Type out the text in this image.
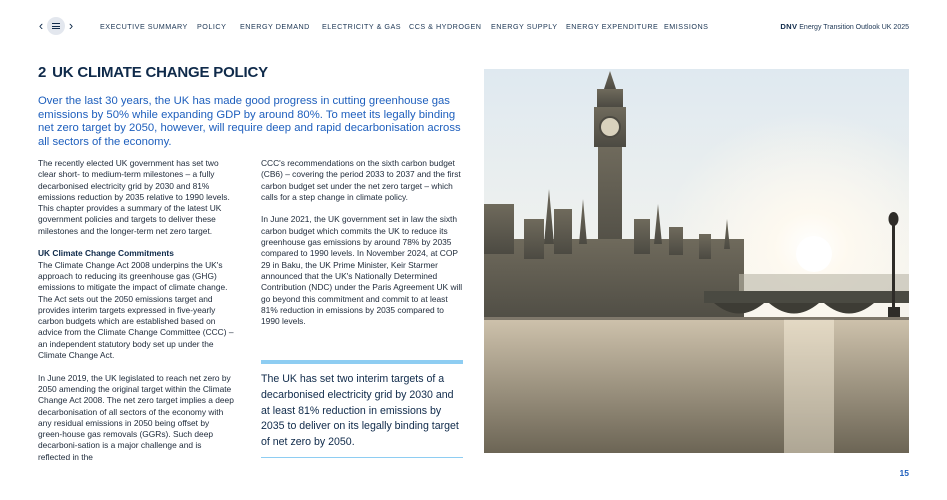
‹ ›	EXECUTIVE SUMMARY POLICY ENERGY DEMAND ELECTRICITY & GAS CCS & HYDROGEN ENERGY SUPPLY ENERGY EXPENDITURE EMISSIONS	DNV Energy Transition Outlook UK 2025
2 UK CLIMATE CHANGE POLICY

Over the last 30 years, the UK has made good progress in cutting greenhouse gas emissions by 50% while expanding GDP by around 80%. To meet its legally binding net zero target by 2050, however, will require deep and rapid decarbonisation across all sectors of the economy.

The recently elected UK government has set two clear short- to medium-term milestones – a fully decarbonised electricity grid by 2030 and 81% emissions reduction by 2035 relative to 1990 levels. This chapter provides a summary of the latest UK government policies and targets to deliver these milestones and the longer-term net zero target.

UK Climate Change Commitments
The Climate Change Act 2008 underpins the UK's approach to reducing its greenhouse gas (GHG) emissions to mitigate the impact of climate change. The Act sets out the 2050 emissions target and provides interim targets expressed in five-yearly carbon budgets which are established based on advice from the Climate Change Committee (CCC) – an independent statutory body set up under the Climate Change Act.

In June 2019, the UK legislated to reach net zero by 2050 amending the original target within the Climate Change Act 2008. The net zero target implies a deep decarbonisation of all sectors of the economy with any residual emissions in 2050 being offset by green-house gas removals (GGRs). Such deep decarboni-sation is a major challenge and is reflected in the

CCC's recommendations on the sixth carbon budget (CB6) – covering the period 2033 to 2037 and the first carbon budget set under the net zero target – which calls for a step change in climate policy.

In June 2021, the UK government set in law the sixth carbon budget which commits the UK to reduce its greenhouse gas emissions by around 78% by 2035 compared to 1990 levels. In November 2024, at COP 29 in Baku, the UK Prime Minister, Keir Starmer announced that the UK's Nationally Determined Contribution (NDC) under the Paris Agreement UK will go beyond this commitment and commit to at least 81% reduction in emissions by 2035 compared to 1990 levels.

The UK has set two interim targets of a decarbonised electricity grid by 2030 and at least 81% reduction in emissions by 2035 to deliver on its legally binding target of net zero by 2050.

15
